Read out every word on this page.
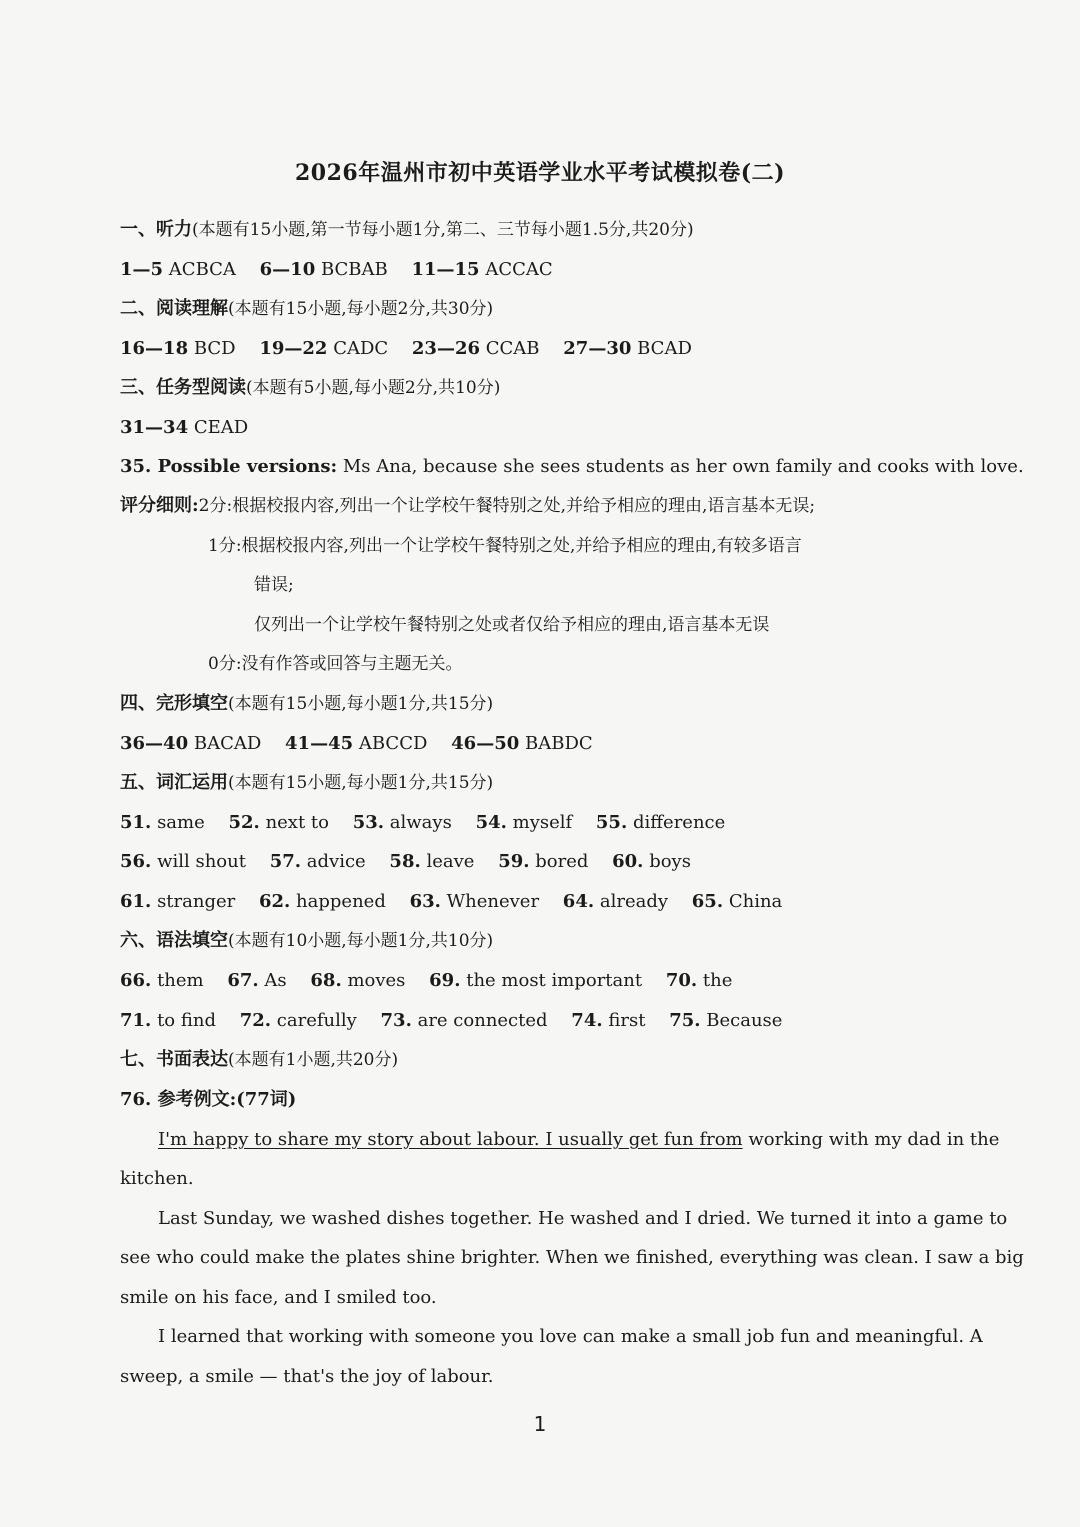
2026年温州市初中英语学业水平考试模拟卷(二)
一、听力(本题有15小题,第一节每小题1分,第二、三节每小题1.5分,共20分)
1—5 ACBCA 6—10 BCBAB 11—15 ACCAC
二、阅读理解(本题有15小题,每小题2分,共30分)
16—18 BCD 19—22 CADC 23—26 CCAB 27—30 BCAD
三、任务型阅读(本题有5小题,每小题2分,共10分)
31—34 CEAD
35. Possible versions: Ms Ana, because she sees students as her own family and cooks with love.
评分细则:2分:根据校报内容,列出一个让学校午餐特别之处,并给予相应的理由,语言基本无误;
1分:根据校报内容,列出一个让学校午餐特别之处,并给予相应的理由,有较多语言
错误;
仅列出一个让学校午餐特别之处或者仅给予相应的理由,语言基本无误
0分:没有作答或回答与主题无关。
四、完形填空(本题有15小题,每小题1分,共15分)
36—40 BACAD 41—45 ABCCD 46—50 BABDC
五、词汇运用(本题有15小题,每小题1分,共15分)
51. same 52. next to 53. always 54. myself 55. difference
56. will shout 57. advice 58. leave 59. bored 60. boys
61. stranger 62. happened 63. Whenever 64. already 65. China
六、语法填空(本题有10小题,每小题1分,共10分)
66. them 67. As 68. moves 69. the most important 70. the
71. to find 72. carefully 73. are connected 74. first 75. Because
七、书面表达(本题有1小题,共20分)
76. 参考例文:(77词)
I'm happy to share my story about labour. I usually get fun from working with my dad in the
kitchen.
Last Sunday, we washed dishes together. He washed and I dried. We turned it into a game to
see who could make the plates shine brighter. When we finished, everything was clean. I saw a big
smile on his face, and I smiled too.
I learned that working with someone you love can make a small job fun and meaningful. A
sweep, a smile — that's the joy of labour.
1
